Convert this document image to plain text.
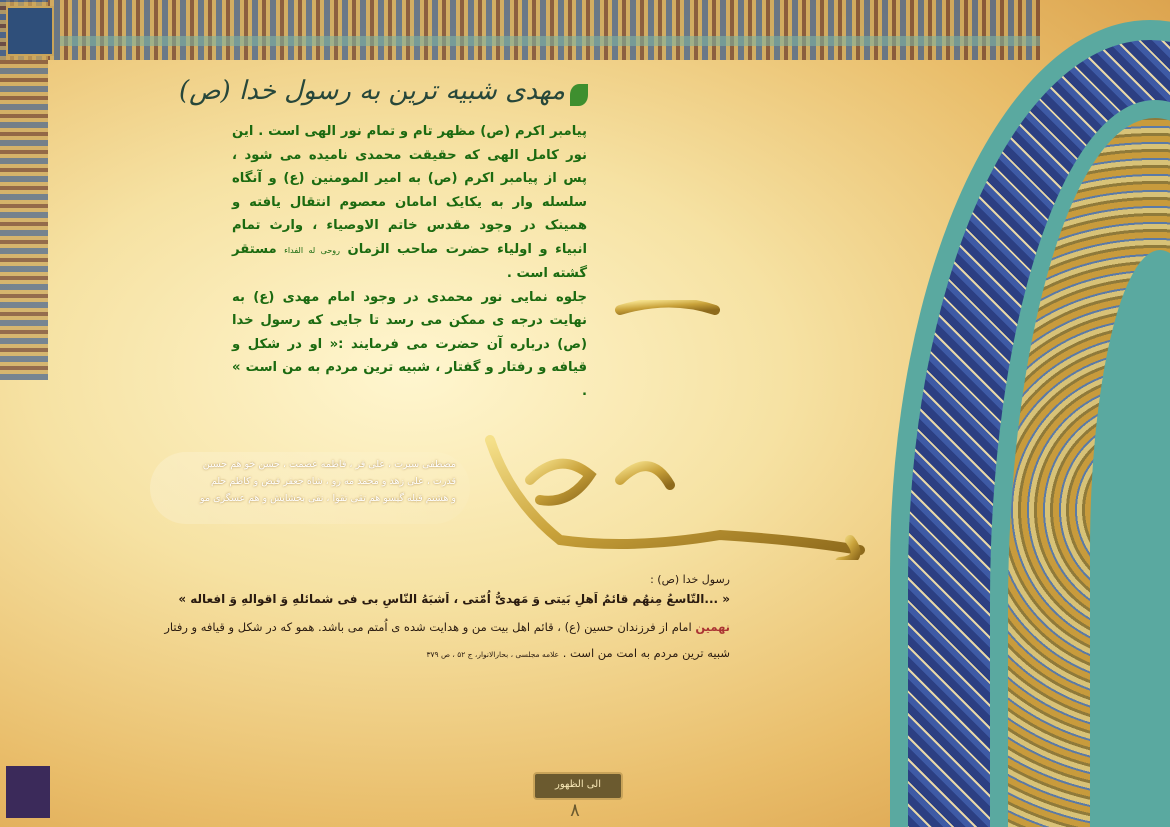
مهدی شبیه ترین به رسول خدا (ص)

پیامبر اکرم (ص) مظهر تام و تمام نور الهی است . این نور کامل الهی که حقیقت محمدی نامیده می شود ، پس از پیامبر اکرم (ص) به امیر المومنین (ع) و آنگاه سلسله وار به یکایک امامان معصوم انتقال یافته و همینک در وجود مقدس خاتم الاوصیاء ، وارث تمام انبیاء و اولیاء حضرت صاحب الزمان روحی له الفداء مستقر گشته است .

جلوه نمایی نور محمدی در وجود امام مهدی (ع) به نهایت درجه ی ممکن می رسد تا جایی که رسول خدا (ص) درباره آن حضرت می فرمایند :« او در شکل و قیافه و رفتار و گفتار ، شبیه ترین مردم به من است » .

یا قائم آل محمد
مصطفی سیرت ، علی فر ، فاطمه عصمت ، حسن خو هم حسین
قدرت ، علی زهد و محمد مه رو ، شاه جعفر فیض و کاظم حلم
و هشتم قبله گیسو هم تقی تقوا ، نقی بخشایش و هم عسگری مو
رسول خدا (ص) :
« ...التّاسعُ مِنهُم قائمُ اَهلِ بَیتی وَ مَهدیُّ اُمّتی ، اَشبَهُ النّاسِ بی فی شمائلهِ وَ اقوالهِ وَ افعاله »
نهمین امام از فرزندان حسین (ع) ، قائم اهل بیت من و هدایت شده ی اُمتم می باشد. همو که در شکل و قیافه و رفتار شبیه ترین مردم به امت من است . علامه مجلسی ، بحارالانوار، ج ۵۲ ، ص ۳۷۹
الی الظهور
۸
